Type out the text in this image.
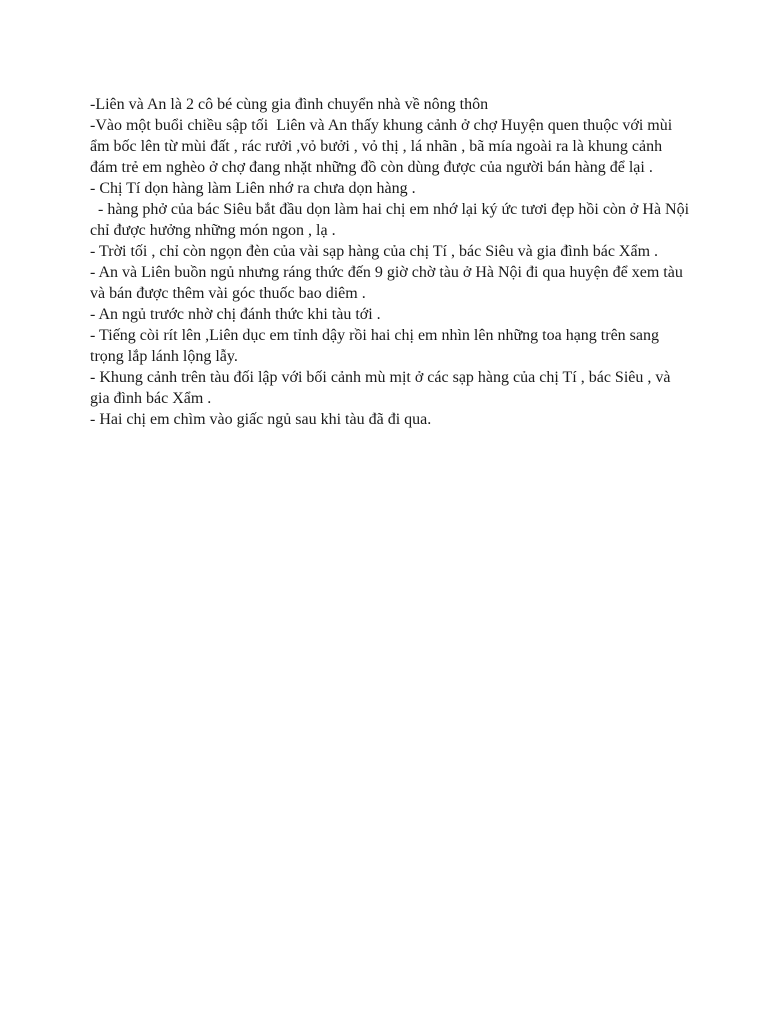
-Liên và An là 2 cô bé cùng gia đình chuyển nhà về nông thôn

-Vào một buổi chiều sập tối  Liên và An thấy khung cảnh ở chợ Huyện quen thuộc với mùi ẩm bốc lên từ mùi đất , rác rưởi ,vỏ bưởi , vỏ thị , lá nhãn , bã mía ngoài ra là khung cảnh đám trẻ em nghèo ở chợ đang nhặt những đồ còn dùng được của người bán hàng để lại .

- Chị Tí dọn hàng làm Liên nhớ ra chưa dọn hàng .

- hàng phở của bác Siêu bắt đầu dọn làm hai chị em nhớ lại ký ức tươi đẹp hồi còn ở Hà Nội chỉ được hưởng những món ngon , lạ .

- Trời tối , chỉ còn ngọn đèn của vài sạp hàng của chị Tí , bác Siêu và gia đình bác Xẩm .

- An và Liên buồn ngủ nhưng ráng thức đến 9 giờ chờ tàu ở Hà Nội đi qua huyện để xem tàu và bán được thêm vài góc thuốc bao diêm .

- An ngủ trước nhờ chị đánh thức khi tàu tới .

- Tiếng còi rít lên ,Liên dục em tỉnh dậy rồi hai chị em nhìn lên những toa hạng trên sang trọng lắp lánh lộng lẫy.

- Khung cảnh trên tàu đối lập với bối cảnh mù mịt ở các sạp hàng của chị Tí , bác Siêu , và gia đình bác Xẩm .

- Hai chị em chìm vào giấc ngủ sau khi tàu đã đi qua.
